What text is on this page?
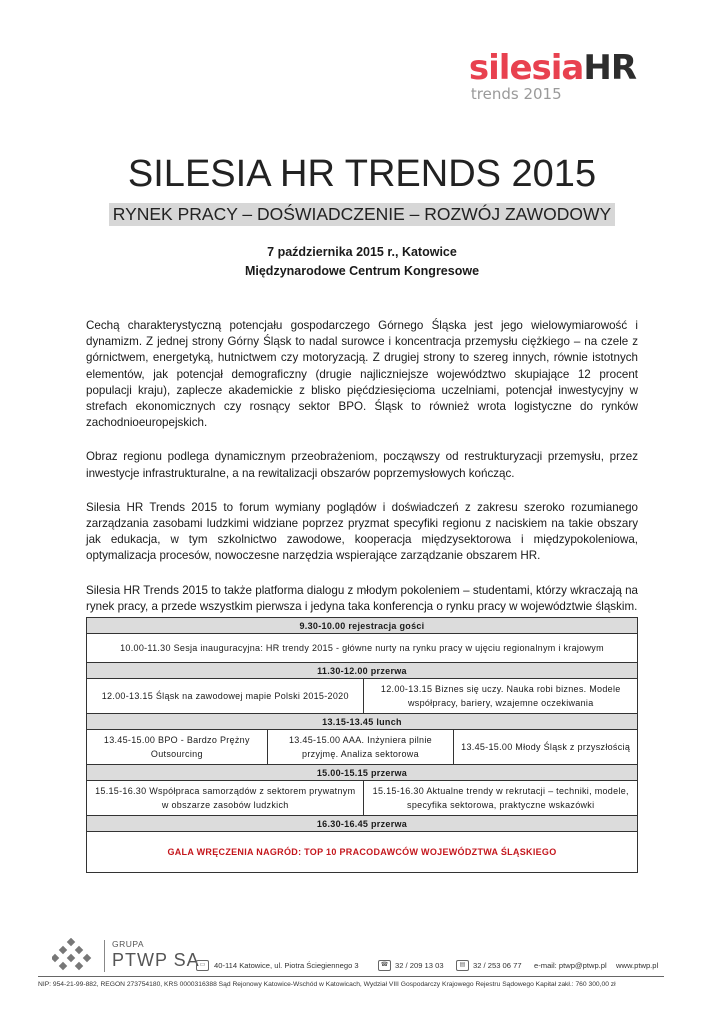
silesiaHR
trends 2015
SILESIA HR TRENDS 2015
RYNEK PRACY – DOŚWIADCZENIE – ROZWÓJ ZAWODOWY
7 października 2015 r., Katowice
Międzynarodowe Centrum Kongresowe

Cechą charakterystyczną potencjału gospodarczego Górnego Śląska jest jego wielowymiarowość i dynamizm. Z jednej strony Górny Śląsk to nadal surowce i koncentracja przemysłu ciężkiego – na czele z górnictwem, energetyką, hutnictwem czy motoryzacją. Z drugiej strony to szereg innych, równie istotnych elementów, jak potencjał demograficzny (drugie najliczniejsze województwo skupiające 12 procent populacji kraju), zaplecze akademickie z blisko pięćdziesięcioma uczelniami, potencjał inwestycyjny w strefach ekonomicznych czy rosnący sektor BPO. Śląsk to również wrota logistyczne do rynków zachodnioeuropejskich.

Obraz regionu podlega dynamicznym przeobrażeniom, począwszy od restrukturyzacji przemysłu, przez inwestycje infrastrukturalne, a na rewitalizacji obszarów poprzemysłowych kończąc.

Silesia HR Trends 2015 to forum wymiany poglądów i doświadczeń z zakresu szeroko rozumianego zarządzania zasobami ludzkimi widziane poprzez pryzmat specyfiki regionu z naciskiem na takie obszary jak edukacja, w tym szkolnictwo zawodowe, kooperacja międzysektorowa i międzypokoleniowa, optymalizacja procesów, nowoczesne narzędzia wspierające zarządzanie obszarem HR.

Silesia HR Trends 2015 to także platforma dialogu z młodym pokoleniem – studentami, którzy wkraczają na rynek pracy, a przede wszystkim pierwsza i jedyna taka konferencja o rynku pracy w województwie śląskim.

9.30-10.00 rejestracja gości			
10.00-11.30 Sesja inauguracyjna: HR trendy 2015 - główne nurty na rynku pracy w ujęciu regionalnym i krajowym			
11.30-12.00 przerwa			
12.00-13.15 Śląsk na zawodowej mapie Polski 2015-2020		12.00-13.15 Biznes się uczy. Nauka robi biznes. Modele współpracy, bariery, wzajemne oczekiwania	
13.15-13.45 lunch			
13.45-15.00 BPO - Bardzo Prężny Outsourcing	13.45-15.00 AAA. Inżyniera pilnie przyjmę. Analiza sektorowa		13.45-15.00 Młody Śląsk z przyszłością
15.00-15.15 przerwa			
15.15-16.30 Współpraca samorządów z sektorem prywatnym w obszarze zasobów ludzkich		15.15-16.30 Aktualne trendy w rekrutacji – techniki, modele, specyfika sektorowa, praktyczne wskazówki	
16.30-16.45 przerwa			
GALA WRĘCZENIA NAGRÓD: TOP 10 PRACODAWCÓW WOJEWÓDZTWA ŚLĄSKIEGO			
GRUPA
PTWP SA ▭	40-114 Katowice, ul. Piotra Ściegiennego 3	☎ 32 / 209 13 03	▤	32 / 253 06 77 e-mail: ptwp@ptwp.pl www.ptwp.pl
NIP: 954-21-99-882, REGON 273754180, KRS 0000316388 Sąd Rejonowy Katowice-Wschód w Katowicach, Wydział VIII Gospodarczy Krajowego Rejestru Sądowego Kapitał zakł.: 760 300,00 zł
